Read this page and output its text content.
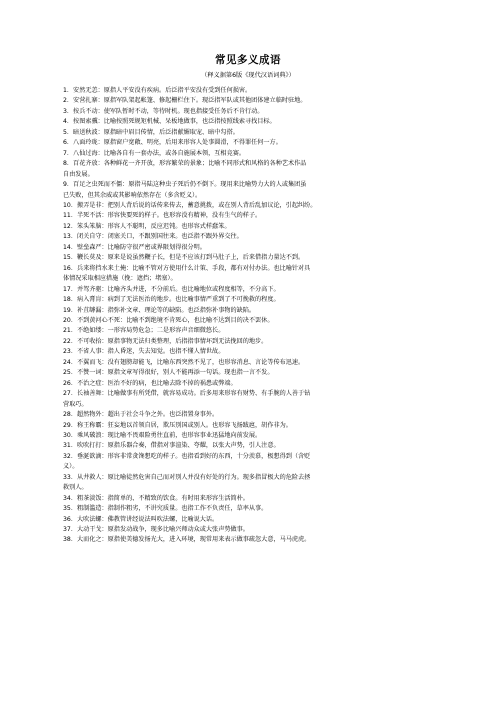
常见多义成语
（释义据第6版《现代汉语词典》）
1．安然无恙：原指人平安没有疾病。后泛指平安没有受到任何损害。
2．安营扎寨：原指军队架起帐篷、修起栅栏住下。现泛指军队或其他团体建立临时驻地。
3．按兵不动：使军队暂时不动，等待时机。现也指接受任务后不肯行动。
4．按图索骥：比喻按照死规矩机械、呆板地做事，也泛指按照线索寻找目标。
5．暗送秋波：原指暗中眉目传情，后泛指献媚取宠、暗中勾搭。
6．八面玲珑：原指窗户宽敞、明亮，后用来形容人处事圆滑，不得罪任何一方。
7．八仙过海：比喻各自有一套办法，或各自施展本领，互相竞赛。
8．百花齐放：各种鲜花一齐开放，形容繁荣的景象；比喻不同形式和风格的各种艺术作品
自由发展。
9．百足之虫死而不僵：原指马陆这种虫子死后仍不倒下。现用来比喻势力大的人或集团虽
已失败，但其余威或其影响依然存在（多含贬义）。
10．搬弄是非：把别人背后说的话传来传去，蓄意挑拨，或在别人背后乱加议论，引起纠纷。
11．半死不活：形容快要死的样子。也形容没有精神，没有生气的样子。
12．笨头笨脑：形容人不聪明，反应迟钝。也形容式样蠢笨。
13．闭关自守：闭塞关口，不跟别国往来。也泛指不跟外界交往。
14．壁垒森严：比喻防守很严密或界限划得很分明。
15．鞭长莫及：原来是说虽然鞭子长，但是不应该打到马肚子上，后来借指力量达不到。
16．兵来将挡水来土掩：比喻不管对方使用什么计策、手段，都有对付办法。也比喻针对具
体情况采取相应措施（挽：遮挡；堵塞）。
17．并驾齐驱：比喻齐头并进，不分前后。也比喻地位或程度相等，不分高下。
18．病入膏肓：病到了无法医治的地步。也比喻事情严重到了不可挽救的程度。
19．补苴罅漏：指弥补文章、理论等的缺陷。也泛指弥补事物的缺陷。
20．不到黄河心不死：比喻不到绝境不肯死心，也比喻不达到目的决不罢休。
21．不绝如缕：一形容局势危急；二是形容声音细微悠长。
22．不可收拾：原指事物无法归类整理，后指指事情坏到无法挽回的地步。
23．不省人事：指人昏迷，失去知觉。也指不懂人情世故。
24．不翼而飞：没有翅膀却能飞，比喻东西突然不见了，也形容消息、言论等传布迅速。
25．不赞一词：原指文章写得很好，别人不能再添一句话。现也指一言不发。
26．不治之症：医治不好的病，也比喻去除不掉的祸患或弊端。
27．长袖善舞：比喻做事有所凭借，就容易成功。后多用来形容有财势、有手腕的人善于钻
营取巧。
28．超然物外：超出于社会斗争之外。也泛指置身事外。
29．称王称霸：狂妄地以首领自居，欺压别国或别人。也形容飞扬跋扈，胡作非为。
30．乘风破浪：现比喻不畏艰险勇往直前，也形容事业迅猛地向前发展。
31．吹吹打打：原指乐器合奏，借指对事渲染、夸耀，以张大声势，引人注意。
32．垂涎欲滴：形容非常贪馋想吃的样子。也指看到好的东西，十分羡慕，极想得到（含贬
义）。
33．从井救人：原比喻徒然危害自己而对别人并没有好处的行为。现多指冒极大的危险去拯
救别人。
34．粗茶淡饭：指简单的、不精致的饮食。有时用来形容生活简朴。
35．粗制滥造：指制作粗劣，不讲究质量。也指工作不负责任，草率从事。
36．大吹法螺：佛教管讲经说法叫吹法螺，比喻说大话。
37．大动干戈：原指发动战争，现多比喻兴师动众或大张声势做事。
38．大而化之：原指使美德发扬光大，进入环境，现常用来表示做事疏忽大意，马马虎虎。
